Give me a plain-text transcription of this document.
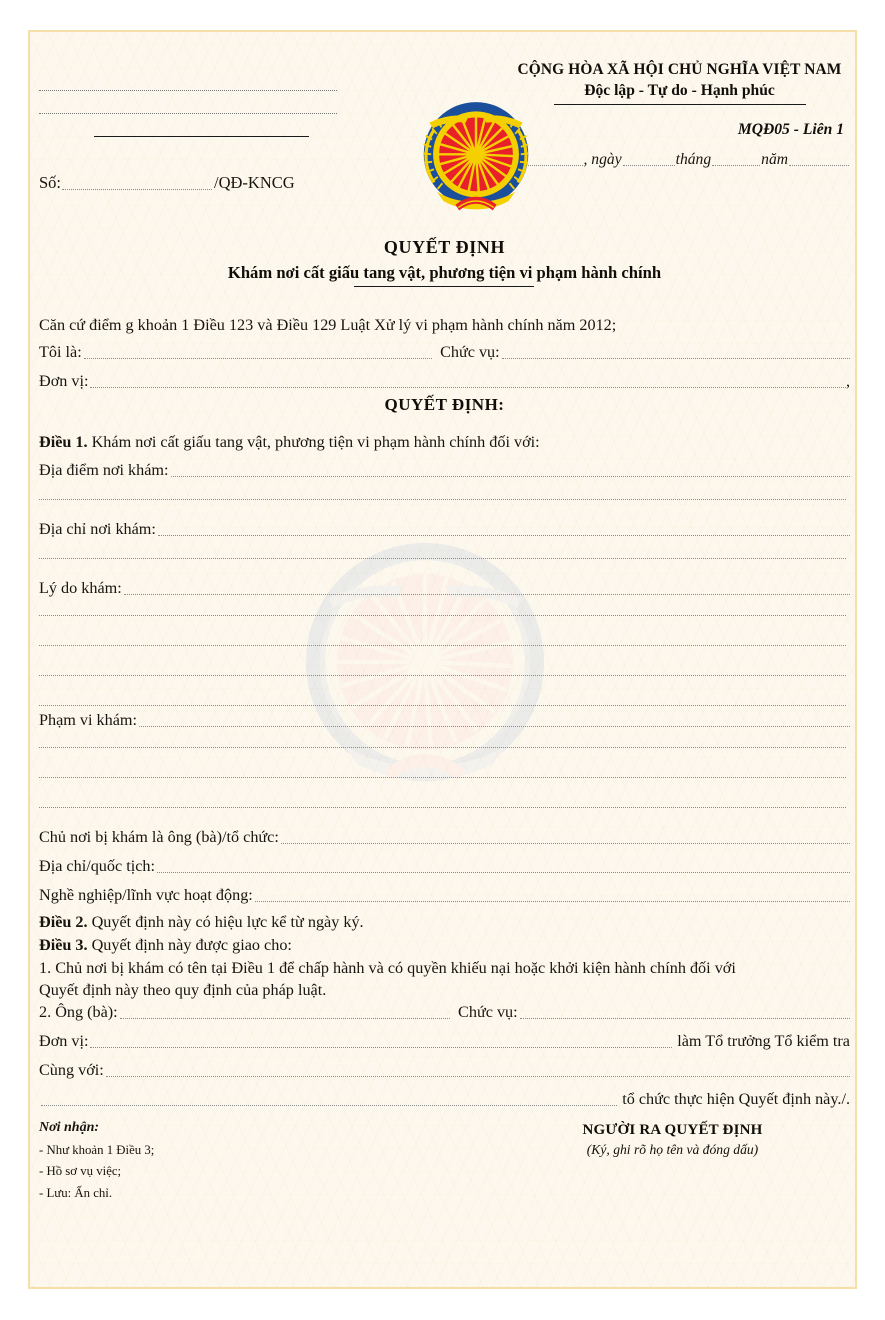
Số:	/QĐ-KNCG
CỘNG HÒA XÃ HỘI CHỦ NGHĨA VIỆT NAM
Độc lập - Tự do - Hạnh phúc
MQĐ05 - Liên 1
, ngày	tháng	năm
QUYẾT ĐỊNH
Khám nơi cất giấu tang vật, phương tiện vi phạm hành chính
Căn cứ điểm g khoản 1 Điều 123 và Điều 129 Luật Xử lý vi phạm hành chính năm 2012;
Tôi là:	Chức vụ:
Đơn vị:	,
QUYẾT ĐỊNH:
Điều 1. Khám nơi cất giấu tang vật, phương tiện vi phạm hành chính đối với:
Địa điểm nơi khám:
Địa chỉ nơi khám:
Lý do khám:
Phạm vi khám:
Chủ nơi bị khám là ông (bà)/tổ chức:
Địa chỉ/quốc tịch:
Nghề nghiệp/lĩnh vực hoạt động:
Điều 2. Quyết định này có hiệu lực kể từ ngày ký.
Điều 3. Quyết định này được giao cho:
1. Chủ nơi bị khám có tên tại Điều 1 để chấp hành và có quyền khiếu nại hoặc khởi kiện hành chính đối với
Quyết định này theo quy định của pháp luật.
2. Ông (bà):	Chức vụ:
Đơn vị:	làm Tổ trưởng Tổ kiểm tra
Cùng với:
tổ chức thực hiện Quyết định này./.
Nơi nhận:
- Như khoản 1 Điều 3;
- Hồ sơ vụ việc;
- Lưu: Ấn chỉ.
NGƯỜI RA QUYẾT ĐỊNH
(Ký, ghi rõ họ tên và đóng dấu)
